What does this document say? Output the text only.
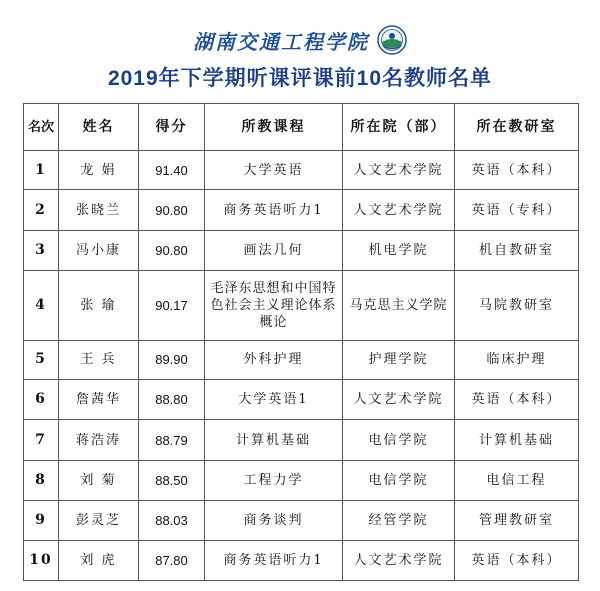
湖南交通工程学院
2019年下学期听课评课前10名教师名单
名次	姓名	得分	所教课程	所在院（部）	所在教研室
1	龙 娟	91.40	大学英语	人文艺术学院	英语（本科）
2	张晓兰	90.80	商务英语听力1	人文艺术学院	英语（专科）
3	冯小康	90.80	画法几何	机电学院	机自教研室
4	张 瑜	90.17	毛泽东思想和中国特色社会主义理论体系概论	马克思主义学院	马院教研室
5	王 兵	89.90	外科护理	护理学院	临床护理
6	詹茜华	88.80	大学英语1	人文艺术学院	英语（本科）
7	蒋浩涛	88.79	计算机基础	电信学院	计算机基础
8	刘 菊	88.50	工程力学	电信学院	电信工程
9	彭灵芝	88.03	商务谈判	经管学院	管理教研室
10	刘 虎	87.80	商务英语听力1	人文艺术学院	英语（本科）
